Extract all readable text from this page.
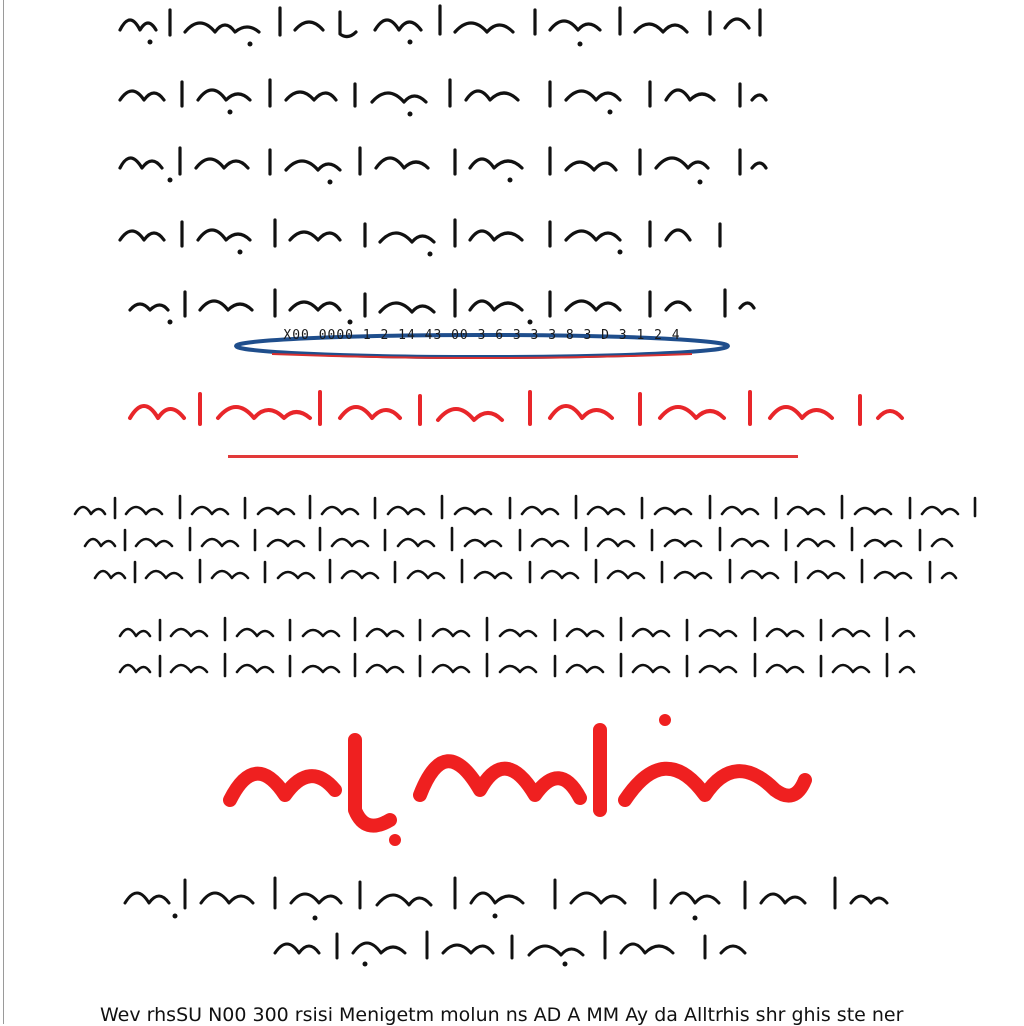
X00 0000 1 2 14 43 00 3 6 3 3 3 8 3 D 3 1 2 4
Wev rhsSU N00 300 rsisi Menigetm molun ns AD A MM Ay da Alltrhis shr ghis ste ner
